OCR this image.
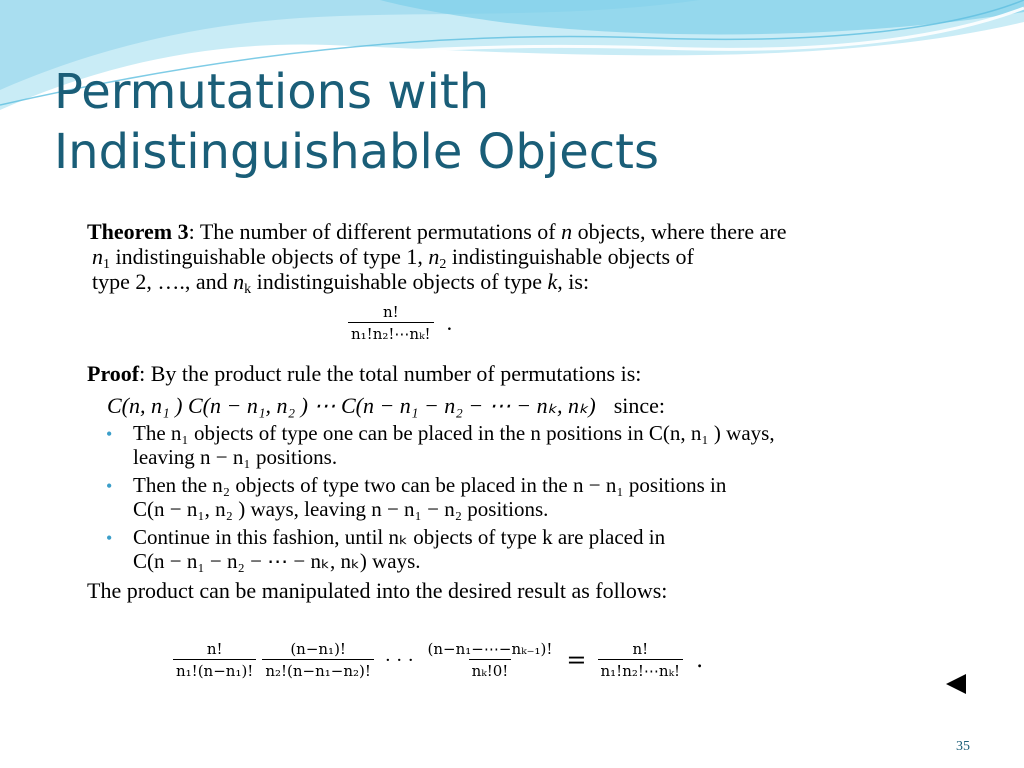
Permutations with
Indistinguishable Objects
Theorem 3: The number of different permutations of n objects, where there are
$n_1$ indistinguishable objects of type 1, $n_2$ indistinguishable objects of
type 2, …., and $n_k$ indistinguishable objects of type k, is:
$\frac{n!}{\text{n₁!n₂!⋯nₖ!}}$ .
Proof: By the product rule the total number of permutations is:
C(n, n₁ ) C(n − n₁, n₂ ) ⋯ C(n − n₁ − n₂ − ⋯ − nₖ, nₖ) since:
• The n₁ objects of type one can be placed in the n positions in C(n, n₁ ) ways,
leaving n − n₁ positions.
• Then the n₂ objects of type two can be placed in the n − n₁ positions in
C(n − n₁, n₂ ) ways, leaving n − n₁ − n₂ positions.
• Continue in this fashion, until nₖ objects of type k are placed in
C(n − n₁ − n₂ − ⋯ − nₖ, nₖ) ways.
The product can be manipulated into the desired result as follows:
$\frac{n!}{\text{n₁!(n−n₁)!}} \frac{\text{(n−n₁)!}}{\text{n₂!(n−n₁−n₂)!}}$ · · · $\frac{\text{(n−n₁−⋯−nₖ₋₁)!}}{\text{nₖ!0!}} = \frac{n!}{\text{n₁!n₂!⋯nₖ!}}$ .
35
